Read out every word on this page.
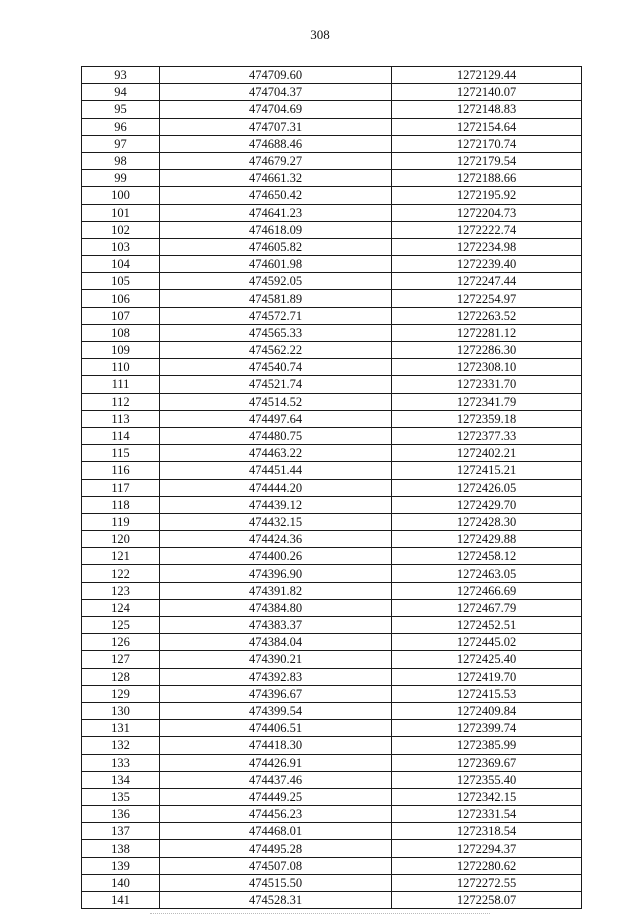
308
93	474709.60	1272129.44
94	474704.37	1272140.07
95	474704.69	1272148.83
96	474707.31	1272154.64
97	474688.46	1272170.74
98	474679.27	1272179.54
99	474661.32	1272188.66
100	474650.42	1272195.92
101	474641.23	1272204.73
102	474618.09	1272222.74
103	474605.82	1272234.98
104	474601.98	1272239.40
105	474592.05	1272247.44
106	474581.89	1272254.97
107	474572.71	1272263.52
108	474565.33	1272281.12
109	474562.22	1272286.30
110	474540.74	1272308.10
111	474521.74	1272331.70
112	474514.52	1272341.79
113	474497.64	1272359.18
114	474480.75	1272377.33
115	474463.22	1272402.21
116	474451.44	1272415.21
117	474444.20	1272426.05
118	474439.12	1272429.70
119	474432.15	1272428.30
120	474424.36	1272429.88
121	474400.26	1272458.12
122	474396.90	1272463.05
123	474391.82	1272466.69
124	474384.80	1272467.79
125	474383.37	1272452.51
126	474384.04	1272445.02
127	474390.21	1272425.40
128	474392.83	1272419.70
129	474396.67	1272415.53
130	474399.54	1272409.84
131	474406.51	1272399.74
132	474418.30	1272385.99
133	474426.91	1272369.67
134	474437.46	1272355.40
135	474449.25	1272342.15
136	474456.23	1272331.54
137	474468.01	1272318.54
138	474495.28	1272294.37
139	474507.08	1272280.62
140	474515.50	1272272.55
141	474528.31	1272258.07
